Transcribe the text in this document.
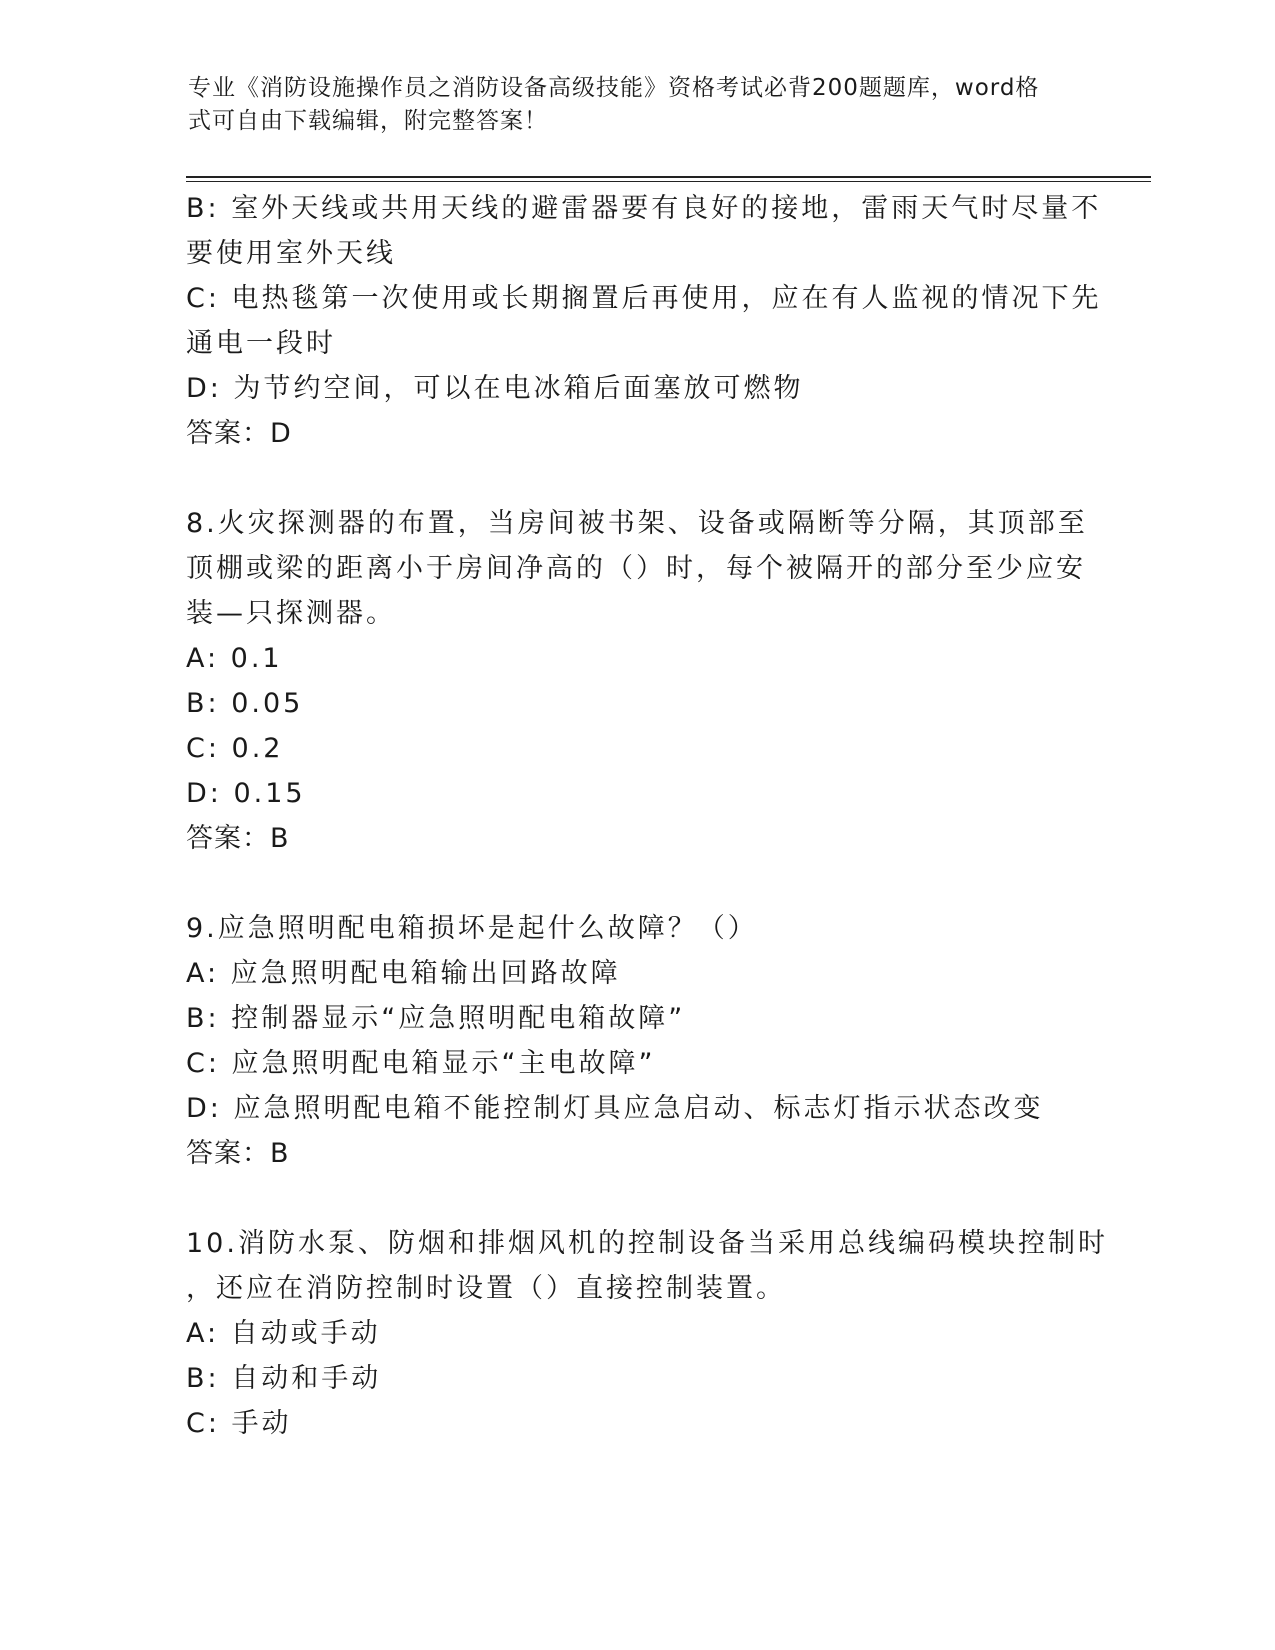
专业《消防设施操作员之消防设备高级技能》资格考试必背200题题库，word格
式可自由下载编辑，附完整答案！
B: 室外天线或共用天线的避雷器要有良好的接地，雷雨天气时尽量不
要使用室外天线
C: 电热毯第一次使用或长期搁置后再使用，应在有人监视的情况下先
通电一段时
D: 为节约空间，可以在电冰箱后面塞放可燃物
答案：D
8.火灾探测器的布置，当房间被书架、设备或隔断等分隔，其顶部至
顶棚或梁的距离小于房间净高的（）时，每个被隔开的部分至少应安
装—只探测器。
A: 0.1
B: 0.05
C: 0.2
D: 0.15
答案：B
9.应急照明配电箱损坏是起什么故障？（）
A: 应急照明配电箱输出回路故障
B: 控制器显示“应急照明配电箱故障”
C: 应急照明配电箱显示“主电故障”
D: 应急照明配电箱不能控制灯具应急启动、标志灯指示状态改变
答案：B
10.消防水泵、防烟和排烟风机的控制设备当采用总线编码模块控制时
，还应在消防控制时设置（）直接控制装置。
A: 自动或手动
B: 自动和手动
C: 手动
